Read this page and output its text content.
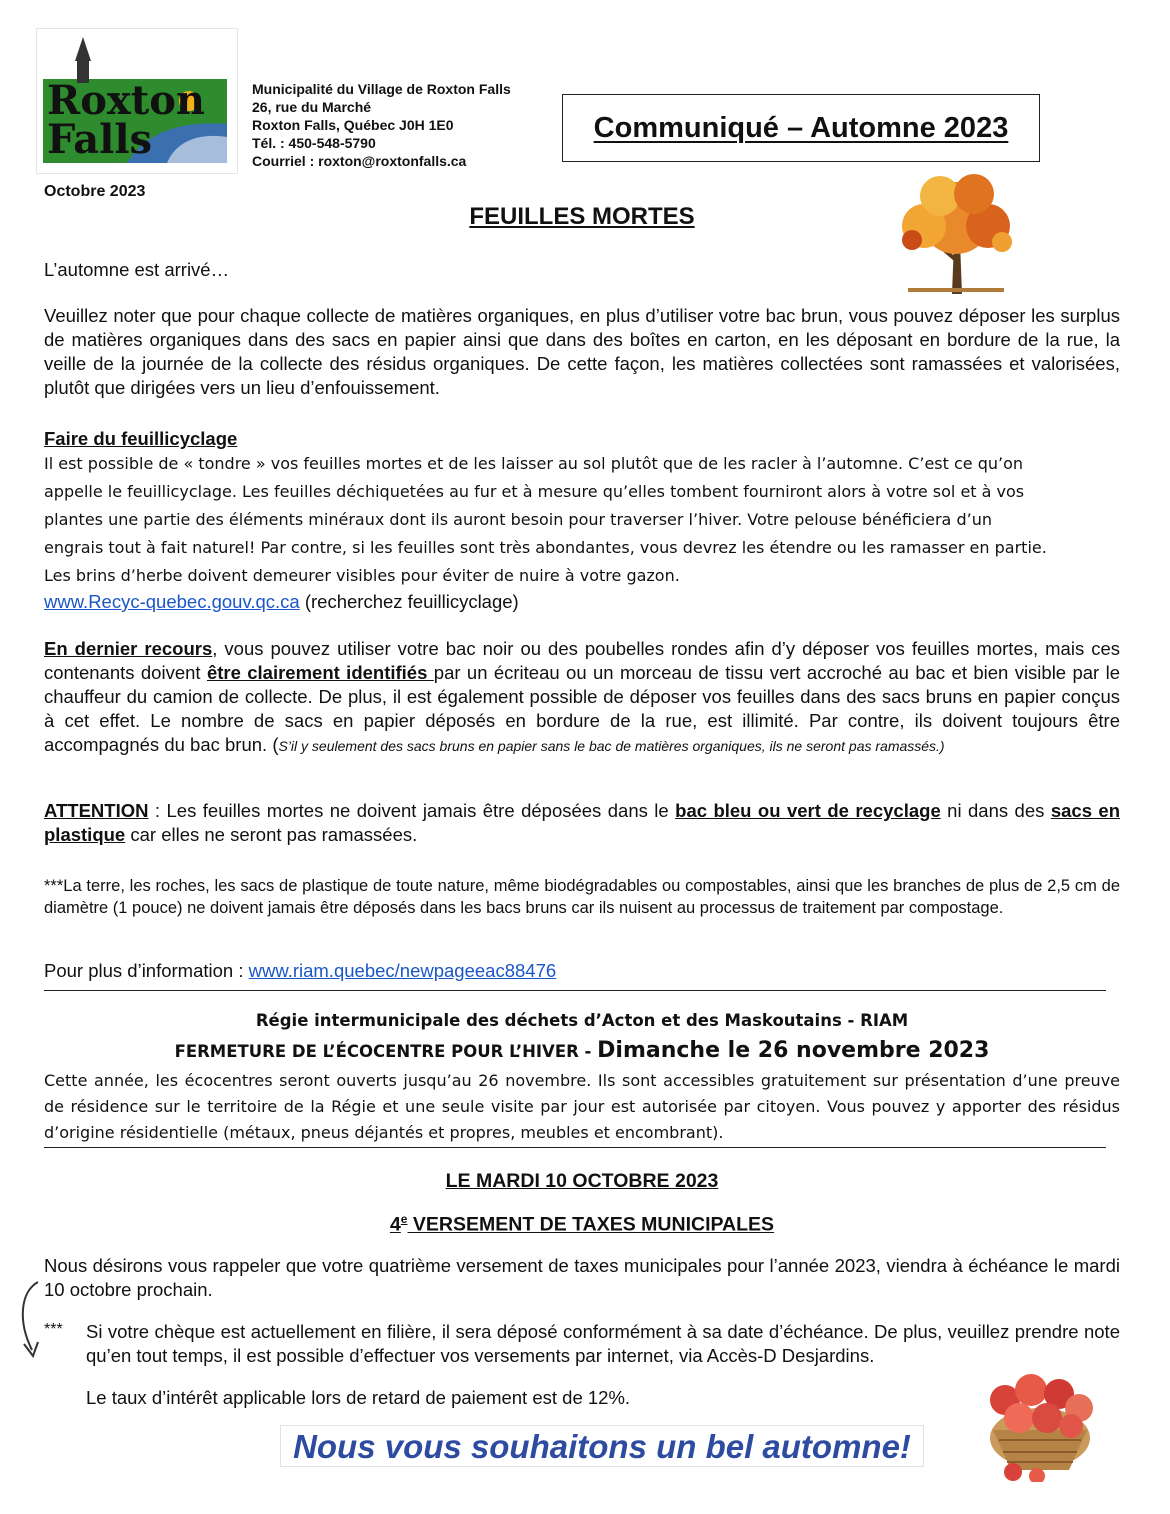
Roxton
Falls
Municipalité du Village de Roxton Falls
26, rue du Marché
Roxton Falls, Québec J0H 1E0
Tél. : 450-548-5790
Courriel : roxton@roxtonfalls.ca
Communiqué – Automne 2023
Octobre 2023
FEUILLES MORTES
L’automne est arrivé…
Veuillez noter que pour chaque collecte de matières organiques, en plus d’utiliser votre bac brun, vous pouvez déposer les surplus de matières organiques dans des sacs en papier ainsi que dans des boîtes en carton, en les déposant en bordure de la rue, la veille de la journée de la collecte des résidus organiques. De cette façon, les matières collectées sont ramassées et valorisées, plutôt que dirigées vers un lieu d’enfouissement.
Faire du feuillicyclage
Il est possible de « tondre » vos feuilles mortes et de les laisser au sol plutôt que de les racler à l’automne. C’est ce qu’on
appelle le feuillicyclage. Les feuilles déchiquetées au fur et à mesure qu’elles tombent fourniront alors à votre sol et à vos
plantes une partie des éléments minéraux dont ils auront besoin pour traverser l’hiver. Votre pelouse bénéficiera d’un
engrais tout à fait naturel! Par contre, si les feuilles sont très abondantes, vous devrez les étendre ou les ramasser en partie.
Les brins d’herbe doivent demeurer visibles pour éviter de nuire à votre gazon.
www.Recyc-quebec.gouv.qc.ca (recherchez feuillicyclage)
En dernier recours, vous pouvez utiliser votre bac noir ou des poubelles rondes afin d’y déposer vos feuilles mortes, mais ces contenants doivent être clairement identifiés par un écriteau ou un morceau de tissu vert accroché au bac et bien visible par le chauffeur du camion de collecte. De plus, il est également possible de déposer vos feuilles dans des sacs bruns en papier conçus à cet effet. Le nombre de sacs en papier déposés en bordure de la rue, est illimité. Par contre, ils doivent toujours être accompagnés du bac brun. (S’il y seulement des sacs bruns en papier sans le bac de matières organiques, ils ne seront pas ramassés.)
ATTENTION : Les feuilles mortes ne doivent jamais être déposées dans le bac bleu ou vert de recyclage ni dans des sacs en plastique car elles ne seront pas ramassées.
***La terre, les roches, les sacs de plastique de toute nature, même biodégradables ou compostables, ainsi que les branches de plus de 2,5 cm de diamètre (1 pouce) ne doivent jamais être déposés dans les bacs bruns car ils nuisent au processus de traitement par compostage.
Pour plus d’information : www.riam.quebec/newpageeac88476
Régie intermunicipale des déchets d’Acton et des Maskoutains - RIAM
FERMETURE DE L’ÉCOCENTRE POUR L’HIVER - Dimanche le 26 novembre 2023
Cette année, les écocentres seront ouverts jusqu’au 26 novembre. Ils sont accessibles gratuitement sur présentation d’une preuve de résidence sur le territoire de la Régie et une seule visite par jour est autorisée par citoyen. Vous pouvez y apporter des résidus d’origine résidentielle (métaux, pneus déjantés et propres, meubles et encombrant).
LE MARDI 10 OCTOBRE 2023
4e VERSEMENT DE TAXES MUNICIPALES
Nous désirons vous rappeler que votre quatrième versement de taxes municipales pour l’année 2023, viendra à échéance le mardi 10 octobre prochain.
*** Si votre chèque est actuellement en filière, il sera déposé conformément à sa date d’échéance. De plus, veuillez prendre note qu’en tout temps, il est possible d’effectuer vos versements par internet, via Accès-D Desjardins.
Le taux d’intérêt applicable lors de retard de paiement est de 12%.
Nous vous souhaitons un bel automne!
